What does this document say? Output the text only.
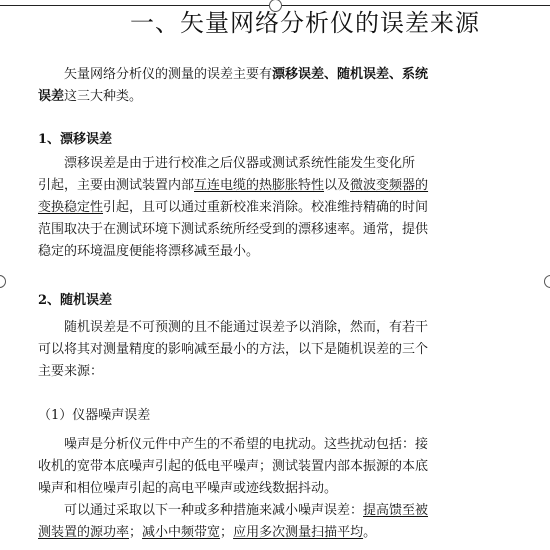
一、矢量网络分析仪的误差来源

矢量网络分析仪的测量的误差主要有漂移误差、随机误差、系统
误差这三大种类。

1、漂移误差

漂移误差是由于进行校准之后仪器或测试系统性能发生变化所
引起，主要由测试装置内部互连电缆的热膨胀特性以及微波变频器的
变换稳定性引起，且可以通过重新校准来消除。校准维持精确的时间
范围取决于在测试环境下测试系统所经受到的漂移速率。通常，提供
稳定的环境温度便能将漂移减至最小。

2、随机误差

随机误差是不可预测的且不能通过误差予以消除，然而，有若干
可以将其对测量精度的影响减至最小的方法，以下是随机误差的三个
主要来源：

（1）仪器噪声误差

噪声是分析仪元件中产生的不希望的电扰动。这些扰动包括：接
收机的宽带本底噪声引起的低电平噪声；测试装置内部本振源的本底
噪声和相位噪声引起的高电平噪声或迹线数据抖动。

可以通过采取以下一种或多种措施来减小噪声误差：提高馈至被
测装置的源功率；减小中频带宽；应用多次测量扫描平均。
